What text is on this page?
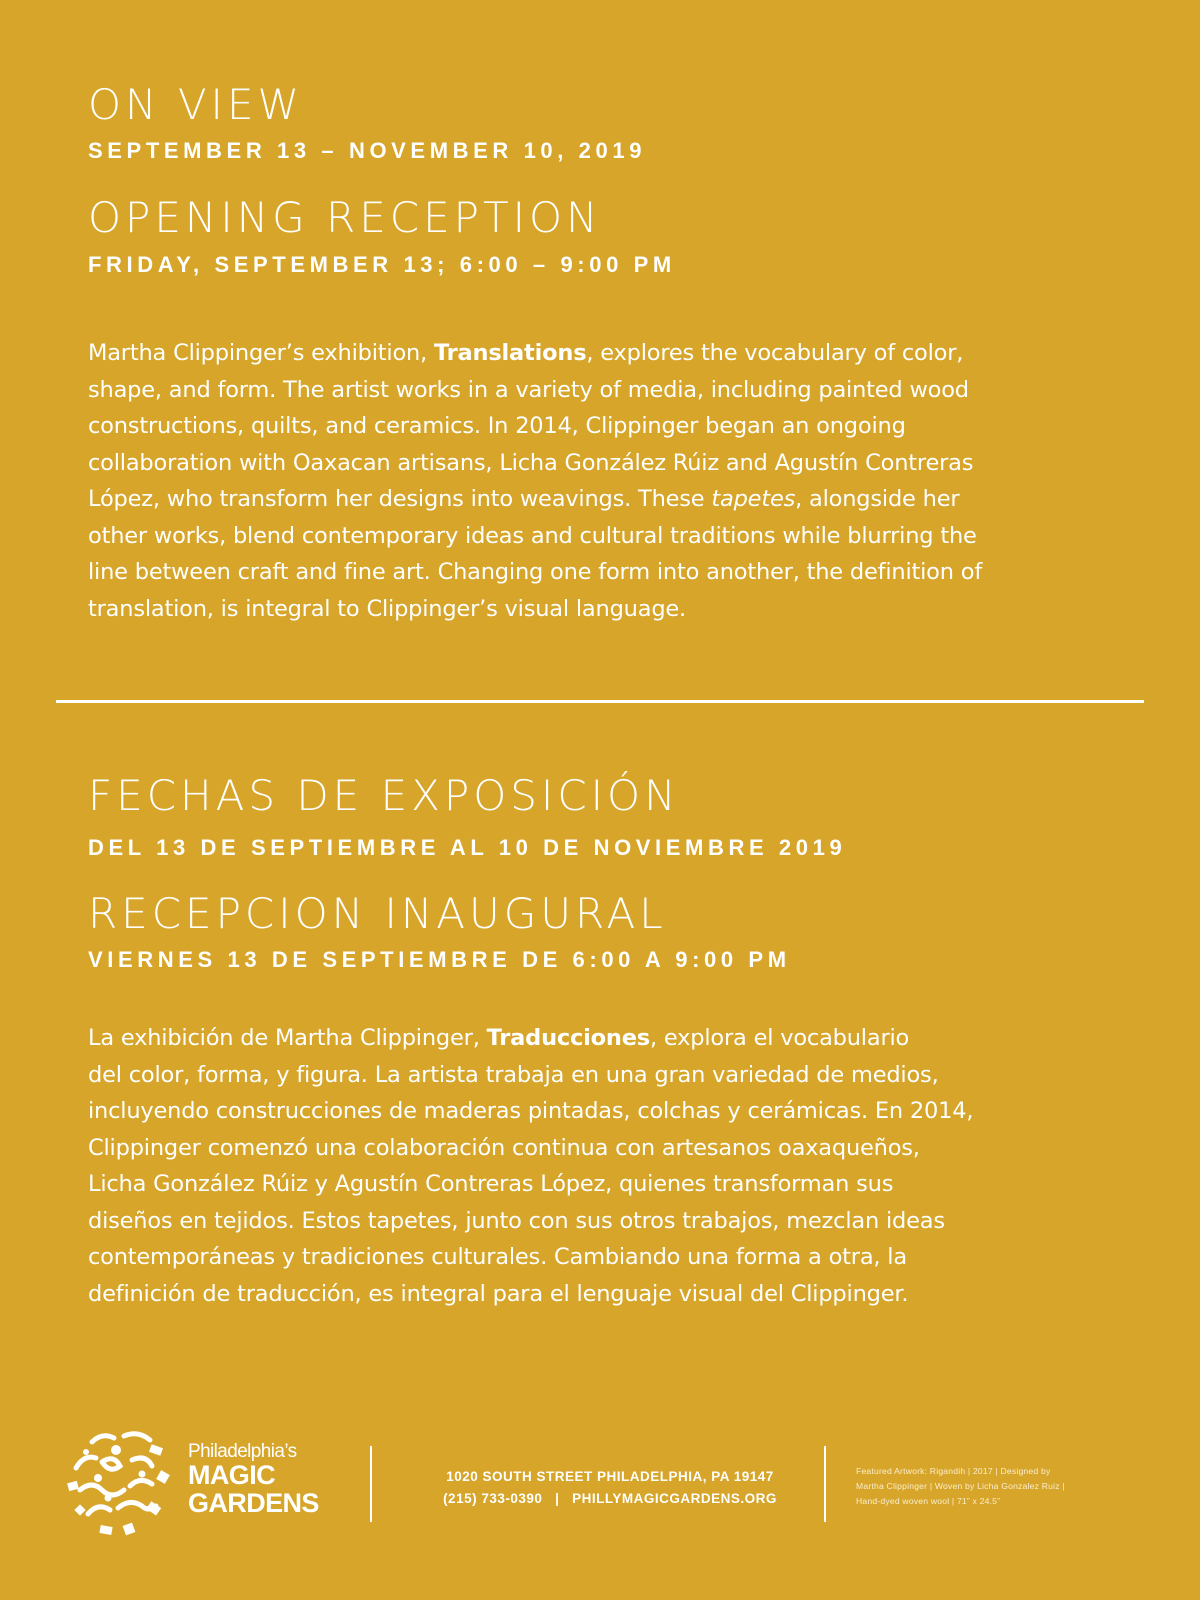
ON VIEW
SEPTEMBER 13 – NOVEMBER 10, 2019
OPENING RECEPTION
FRIDAY, SEPTEMBER 13; 6:00 – 9:00 PM

Martha Clippinger’s exhibition, Translations, explores the vocabulary of color,
shape, and form. The artist works in a variety of media, including painted wood
constructions, quilts, and ceramics. In 2014, Clippinger began an ongoing
collaboration with Oaxacan artisans, Licha González Rúiz and Agustín Contreras
López, who transform her designs into weavings. These tapetes, alongside her
other works, blend contemporary ideas and cultural traditions while blurring the
line between craft and fine art. Changing one form into another, the definition of
translation, is integral to Clippinger’s visual language.

FECHAS DE EXPOSICIÓN
DEL 13 DE SEPTIEMBRE AL 10 DE NOVIEMBRE 2019
RECEPCION INAUGURAL
VIERNES 13 DE SEPTIEMBRE DE 6:00 A 9:00 PM

La exhibición de Martha Clippinger, Traducciones, explora el vocabulario
del color, forma, y figura. La artista trabaja en una gran variedad de medios,
incluyendo construcciones de maderas pintadas, colchas y cerámicas. En 2014,
Clippinger comenzó una colaboración continua con artesanos oaxaqueños,
Licha González Rúiz y Agustín Contreras López, quienes transforman sus
diseños en tejidos. Estos tapetes, junto con sus otros trabajos, mezclan ideas
contemporáneas y tradiciones culturales. Cambiando una forma a otra, la
definición de traducción, es integral para el lenguaje visual del Clippinger.

Philadelphia’s
MAGIC
GARDENS
1020 SOUTH STREET PHILADELPHIA, PA 19147
(215) 733-0390   |   PHILLYMAGICGARDENS.ORG
Featured Artwork: Rigandih | 2017 | Designed by
Martha Clippinger | Woven by Licha Gonzalez Ruiz |
Hand-dyed woven wool | 71” x 24.5”
